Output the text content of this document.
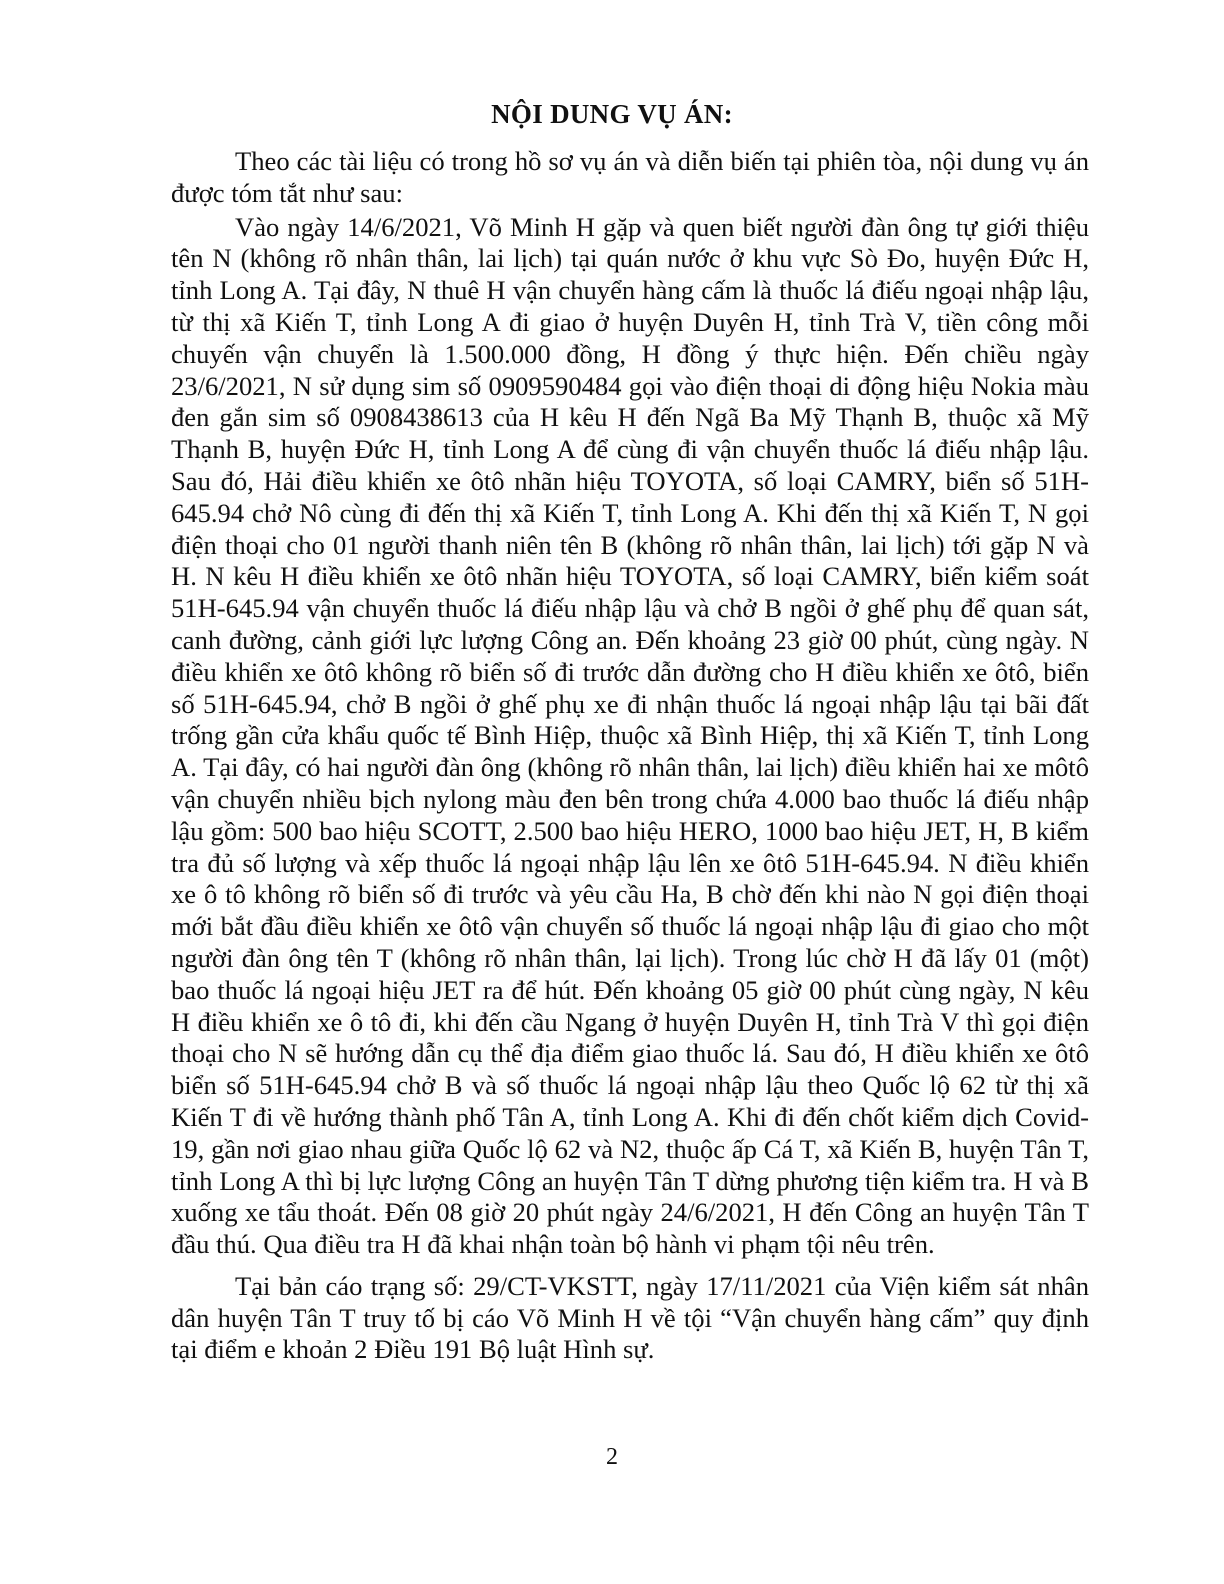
NỘI DUNG VỤ ÁN:

Theo các tài liệu có trong hồ sơ vụ án và diễn biến tại phiên tòa, nội dung vụ án được tóm tắt như sau:

Vào ngày 14/6/2021, Võ Minh H gặp và quen biết người đàn ông tự giới thiệu tên N (không rõ nhân thân, lai lịch) tại quán nước ở khu vực Sò Đo, huyện Đức H, tỉnh Long A. Tại đây, N thuê H vận chuyển hàng cấm là thuốc lá điếu ngoại nhập lậu, từ thị xã Kiến T, tỉnh Long A đi giao ở huyện Duyên H, tỉnh Trà V, tiền công mỗi chuyến vận chuyển là 1.500.000 đồng, H đồng ý thực hiện. Đến chiều ngày 23/6/2021, N sử dụng sim số 0909590484 gọi vào điện thoại di động hiệu Nokia màu đen gắn sim số 0908438613 của H kêu H đến Ngã Ba Mỹ Thạnh B, thuộc xã Mỹ Thạnh B, huyện Đức H, tỉnh Long A để cùng đi vận chuyển thuốc lá điếu nhập lậu. Sau đó, Hải điều khiển xe ôtô nhãn hiệu TOYOTA, số loại CAMRY, biển số 51H-645.94 chở Nô cùng đi đến thị xã Kiến T, tỉnh Long A. Khi đến thị xã Kiến T, N gọi điện thoại cho 01 người thanh niên tên B (không rõ nhân thân, lai lịch) tới gặp N và H. N kêu H điều khiển xe ôtô nhãn hiệu TOYOTA, số loại CAMRY, biển kiểm soát 51H-645.94 vận chuyển thuốc lá điếu nhập lậu và chở B ngồi ở ghế phụ để quan sát, canh đường, cảnh giới lực lượng Công an. Đến khoảng 23 giờ 00 phút, cùng ngày. N điều khiển xe ôtô không rõ biển số đi trước dẫn đường cho H điều khiển xe ôtô, biển số 51H-645.94, chở B ngồi ở ghế phụ xe đi nhận thuốc lá ngoại nhập lậu tại bãi đất trống gần cửa khẩu quốc tế Bình Hiệp, thuộc xã Bình Hiệp, thị xã Kiến T, tỉnh Long A. Tại đây, có hai người đàn ông (không rõ nhân thân, lai lịch) điều khiển hai xe môtô vận chuyển nhiều bịch nylong màu đen bên trong chứa 4.000 bao thuốc lá điếu nhập lậu gồm: 500 bao hiệu SCOTT, 2.500 bao hiệu HERO, 1000 bao hiệu JET, H, B kiểm tra đủ số lượng và xếp thuốc lá ngoại nhập lậu lên xe ôtô 51H-645.94. N điều khiển xe ô tô không rõ biển số đi trước và yêu cầu Ha, B chờ đến khi nào N gọi điện thoại mới bắt đầu điều khiển xe ôtô vận chuyển số thuốc lá ngoại nhập lậu đi giao cho một người đàn ông tên T (không rõ nhân thân, lại lịch). Trong lúc chờ H đã lấy 01 (một) bao thuốc lá ngoại hiệu JET ra để hút. Đến khoảng 05 giờ 00 phút cùng ngày, N kêu H điều khiển xe ô tô đi, khi đến cầu Ngang ở huyện Duyên H, tỉnh Trà V thì gọi điện thoại cho N sẽ hướng dẫn cụ thể địa điểm giao thuốc lá. Sau đó, H điều khiển xe ôtô biển số 51H-645.94 chở B và số thuốc lá ngoại nhập lậu theo Quốc lộ 62 từ thị xã Kiến T đi về hướng thành phố Tân A, tỉnh Long A. Khi đi đến chốt kiểm dịch Covid-19, gần nơi giao nhau giữa Quốc lộ 62 và N2, thuộc ấp Cá T, xã Kiến B, huyện Tân T, tỉnh Long A thì bị lực lượng Công an huyện Tân T dừng phương tiện kiểm tra. H và B xuống xe tẩu thoát. Đến 08 giờ 20 phút ngày 24/6/2021, H đến Công an huyện Tân T đầu thú. Qua điều tra H đã khai nhận toàn bộ hành vi phạm tội nêu trên.

Tại bản cáo trạng số: 29/CT-VKSTT, ngày 17/11/2021 của Viện kiểm sát nhân dân huyện Tân T truy tố bị cáo Võ Minh H về tội “Vận chuyển hàng cấm” quy định tại điểm e khoản 2 Điều 191 Bộ luật Hình sự.

2
